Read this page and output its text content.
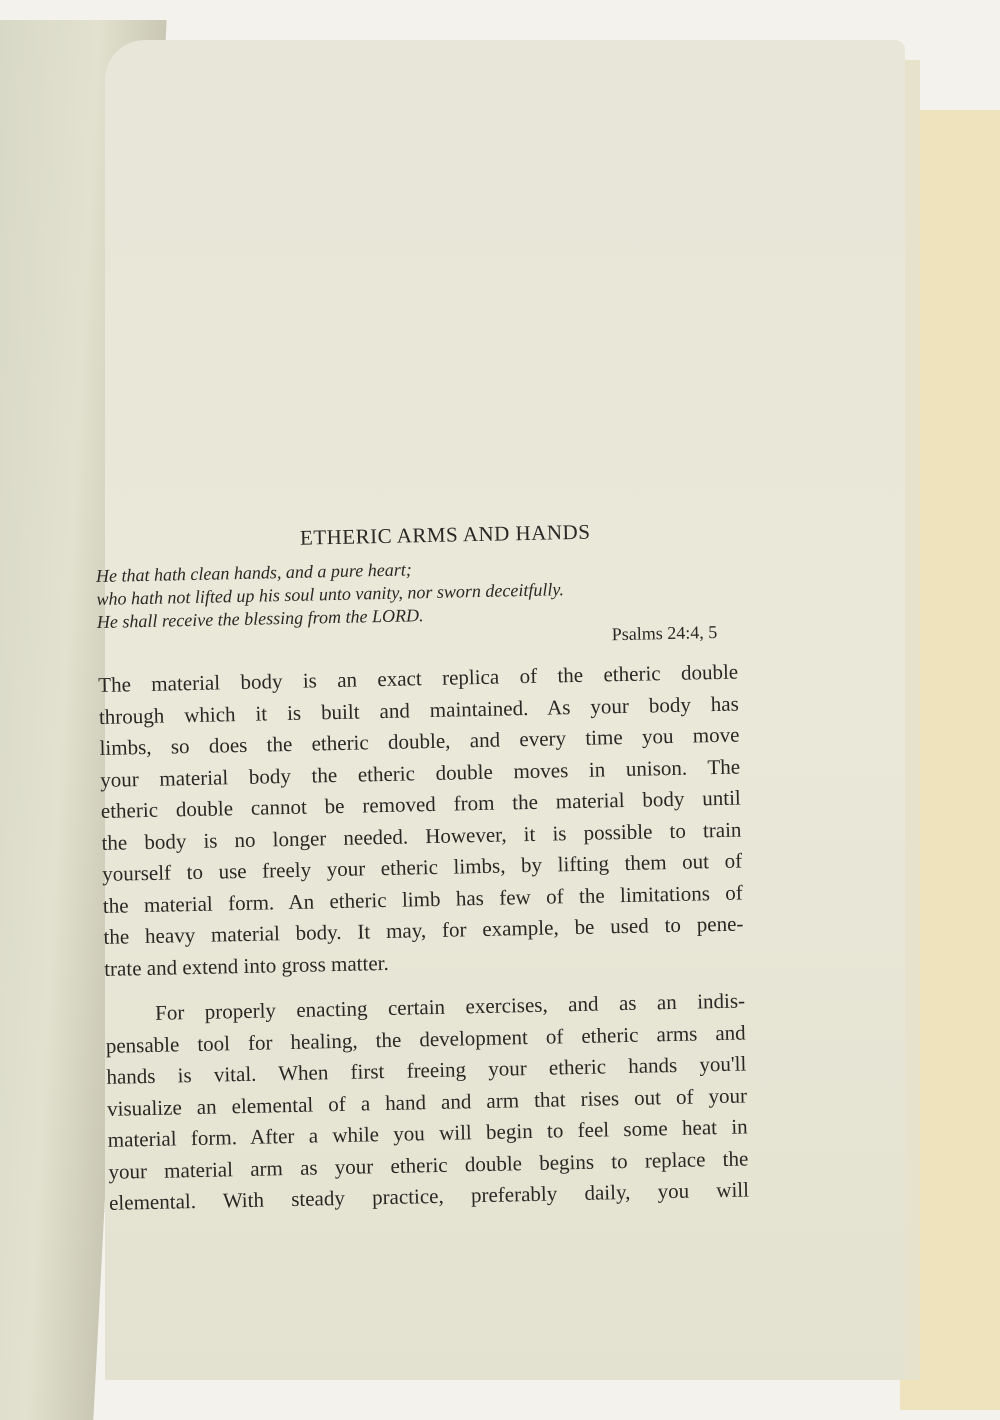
ETHERIC ARMS AND HANDS
He that hath clean hands, and a pure heart;
who hath not lifted up his soul unto vanity, nor sworn deceitfully.
He shall receive the blessing from the LORD.
Psalms 24:4, 5
The material body is an exact replica of the etheric double
through which it is built and maintained. As your body has
limbs, so does the etheric double, and every time you move
your material body the etheric double moves in unison. The
etheric double cannot be removed from the material body until
the body is no longer needed. However, it is possible to train
yourself to use freely your etheric limbs, by lifting them out of
the material form. An etheric limb has few of the limitations of
the heavy material body. It may, for example, be used to pene-
trate and extend into gross matter.
For properly enacting certain exercises, and as an indis-
pensable tool for healing, the development of etheric arms and
hands is vital. When first freeing your etheric hands you'll
visualize an elemental of a hand and arm that rises out of your
material form. After a while you will begin to feel some heat in
your material arm as your etheric double begins to replace the
elemental. With steady practice, preferably daily, you will
